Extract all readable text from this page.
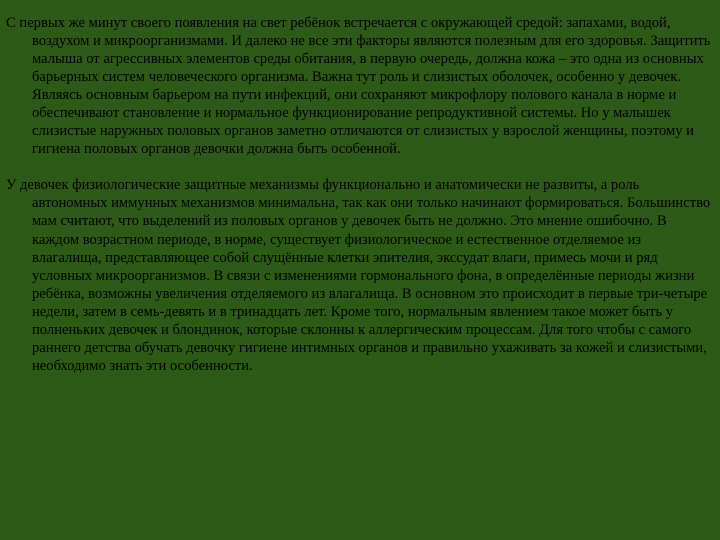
С первых же минут своего появления на свет ребёнок встречается с окружающей средой: запахами, водой, воздухом и микроорганизмами. И далеко не все эти факторы являются полезным для его здоровья. Защитить малыша от агрессивных элементов среды обитания, в первую очередь, должна кожа – это одна из основных барьерных систем человеческого организма. Важна тут роль и слизистых оболочек, особенно у девочек. Являясь основным барьером на пути инфекций, они сохраняют микрофлору полового канала в норме и обеспечивают становление и нормальное функционирование репродуктивной системы. Но у малышек слизистые наружных половых органов заметно отличаются от слизистых у взрослой женщины, поэтому и гигиена половых органов девочки должна быть особенной.

У девочек физиологические защитные механизмы функционально и анатомически не развиты, а роль автономных иммунных механизмов минимальна, так как они только начинают формироваться. Большинство мам считают, что выделений из половых органов у девочек быть не должно. Это мнение ошибочно. В каждом возрастном периоде, в норме, существует физиологическое и естественное отделяемое из влагалища, представляющее собой слущённые клетки эпителия, экссудат влаги, примесь мочи и ряд условных микроорганизмов. В связи с изменениями гормонального фона, в определённые периоды жизни ребёнка, возможны увеличения отделяемого из влагалища. В основном это происходит в первые три-четыре недели, затем в семь-девять и в тринадцать лет. Кроме того, нормальным явлением такое может быть у полненьких девочек и блондинок, которые склонны к аллергическим процессам. Для того чтобы с самого раннего детства обучать девочку гигиене интимных органов и правильно ухаживать за кожей и слизистыми, необходимо знать эти особенности.
